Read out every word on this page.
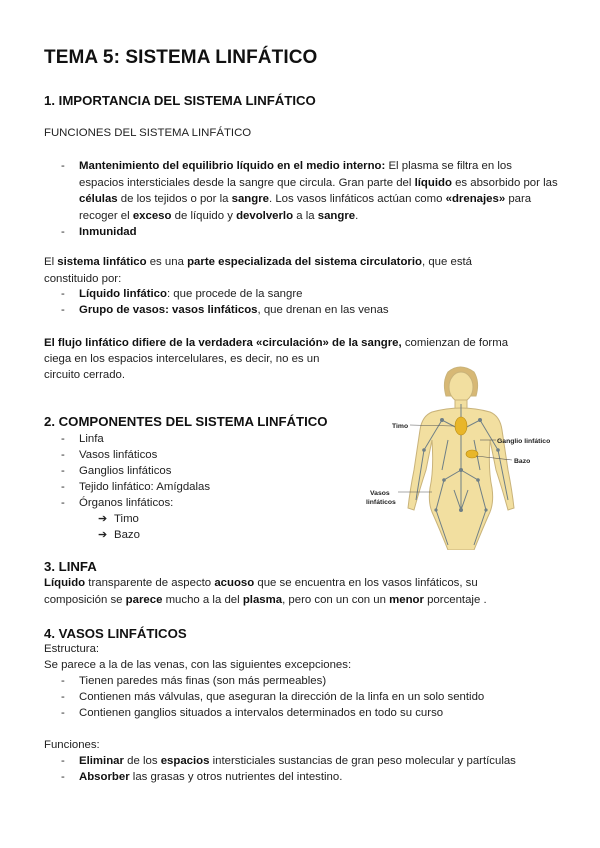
TEMA 5: SISTEMA LINFÁTICO
1. IMPORTANCIA DEL SISTEMA LINFÁTICO
FUNCIONES DEL SISTEMA LINFÁTICO
- Mantenimiento del equilibrio líquido en el medio interno: El plasma se filtra en los espacios intersticiales desde la sangre que circula. Gran parte del líquido es absorbido por las células de los tejidos o por la sangre. Los vasos linfáticos actúan como «drenajes» para recoger el exceso de líquido y devolverlo a la sangre.
- Inmunidad
El sistema linfático es una parte especializada del sistema circulatorio, que está constituido por:
- Líquido linfático: que procede de la sangre
- Grupo de vasos: vasos linfáticos, que drenan en las venas
El flujo linfático difiere de la verdadera «circulación» de la sangre, comienzan de forma
ciega en los espacios intercelulares, es decir, no es un
circuito cerrado.
2. COMPONENTES DEL SISTEMA LINFÁTICO
- Linfa
- Vasos linfáticos
- Ganglios linfáticos
- Tejido linfático: Amígdalas
- Órganos linfáticos:
➔ Timo
➔ Bazo
Timo
Ganglio linfático
Bazo
Vasos
linfáticos
3. LINFA
Líquido transparente de aspecto acuoso que se encuentra en los vasos linfáticos, su
composición se parece mucho a la del plasma, pero con un con un menor porcentaje .
4. VASOS LINFÁTICOS
Estructura:
Se parece a la de las venas, con las siguientes excepciones:
- Tienen paredes más finas (son más permeables)
- Contienen más válvulas, que aseguran la dirección de la linfa en un solo sentido
- Contienen ganglios situados a intervalos determinados en todo su curso
Funciones:
- Eliminar de los espacios intersticiales sustancias de gran peso molecular y partículas
- Absorber las grasas y otros nutrientes del intestino.
